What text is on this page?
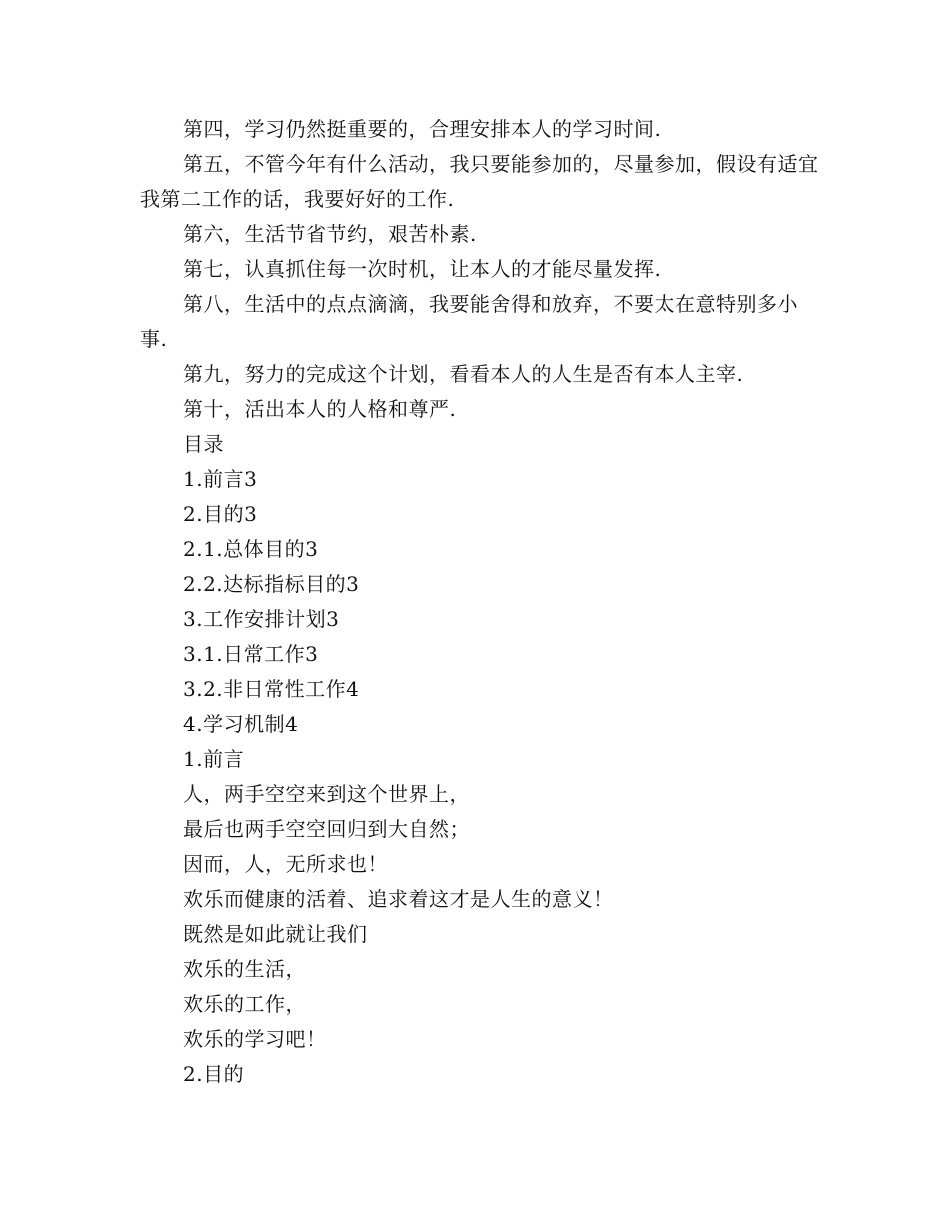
第四，学习仍然挺重要的，合理安排本人的学习时间.

第五，不管今年有什么活动，我只要能参加的，尽量参加，假设有适宜我第二工作的话，我要好好的工作.

第六，生活节省节约，艰苦朴素.
第七，认真抓住每一次时机，让本人的才能尽量发挥.

第八，生活中的点点滴滴，我要能舍得和放弃，不要太在意特别多小事.

第九，努力的完成这个计划，看看本人的人生是否有本人主宰.
第十，活出本人的人格和尊严.
目录
1.前言3
2.目的3
2.1.总体目的3
2.2.达标指标目的3
3.工作安排计划3
3.1.日常工作3
3.2.非日常性工作4
4.学习机制4
1.前言
人，两手空空来到这个世界上，
最后也两手空空回归到大自然；
因而，人，无所求也！
欢乐而健康的活着、追求着这才是人生的意义！
既然是如此就让我们
欢乐的生活，
欢乐的工作，
欢乐的学习吧！
2.目的
